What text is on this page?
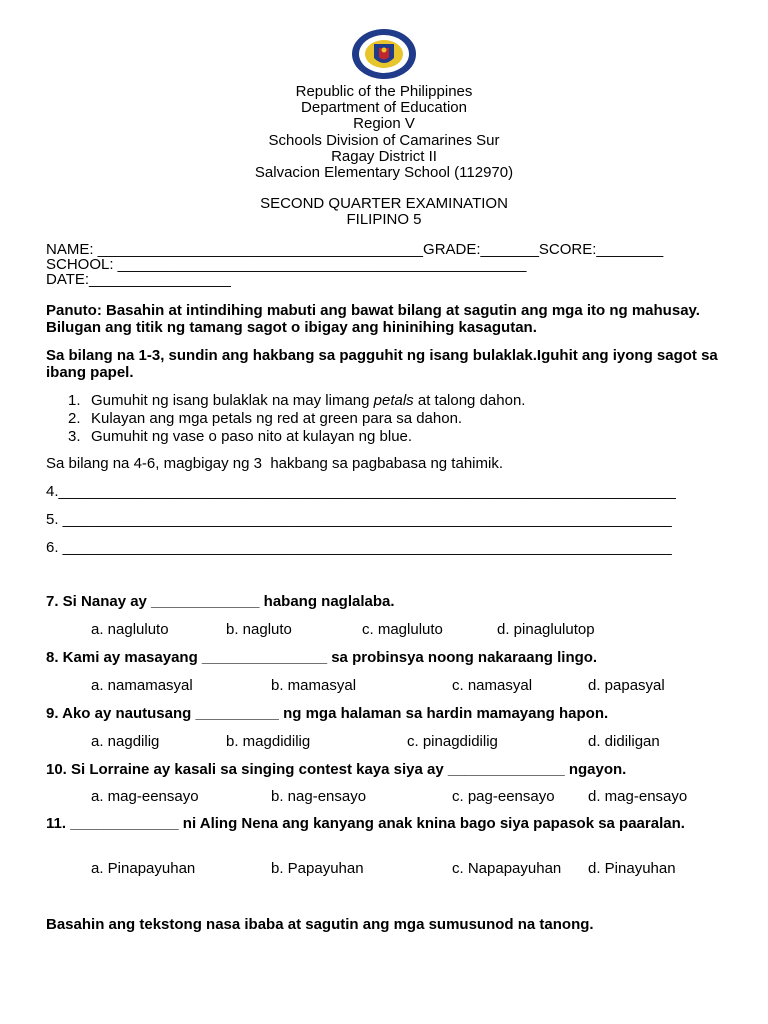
Republic of the Philippines
Department of Education
Region V
Schools Division of Camarines Sur
Ragay District II
Salvacion Elementary School (112970)
SECOND QUARTER EXAMINATION
FILIPINO 5
NAME: _______________________________________GRADE:_______SCORE:________
SCHOOL: _________________________________________________
DATE:_________________
Panuto: Basahin at intindihing mabuti ang bawat bilang at sagutin ang mga ito ng mahusay. Bilugan ang titik ng tamang sagot o ibigay ang hininihing kasagutan.
Sa bilang na 1-3, sundin ang hakbang sa pagguhit ng isang bulaklak.Iguhit ang iyong sagot sa ibang papel.
1. Gumuhit ng isang bulaklak na may limang petals at talong dahon.
2. Kulayan ang mga petals ng red at green para sa dahon.
3. Gumuhit ng vase o paso nito at kulayan ng blue.
Sa bilang na 4-6, magbigay ng 3  hakbang sa pagbabasa ng tahimik.
4.__________________________________________________________________________
5. _________________________________________________________________________
6. _________________________________________________________________________
7. Si Nanay ay _____________ habang naglalaba.
a. nagluluto	b. nagluto	c. magluluto	d. pinaglulutop
8. Kami ay masayang _______________ sa probinsya noong nakaraang lingo.
a. namamasyal	b. mamasyal	c. namasyal	d. papasyal
9. Ako ay nautusang __________ ng mga halaman sa hardin mamayang hapon.
a. nagdilig	b. magdidilig	c. pinagdidilig	d. didiligan
10. Si Lorraine ay kasali sa singing contest kaya siya ay ______________ ngayon.
a. mag-eensayo	b. nag-ensayo	c. pag-eensayo d. mag-ensayo
11. _____________ ni Aling Nena ang kanyang anak knina bago siya papasok sa paaralan.
a. Pinapayuhan	b. Papayuhan	c. Napapayuhan d. Pinayuhan
Basahin ang tekstong nasa ibaba at sagutin ang mga sumusunod na tanong.
